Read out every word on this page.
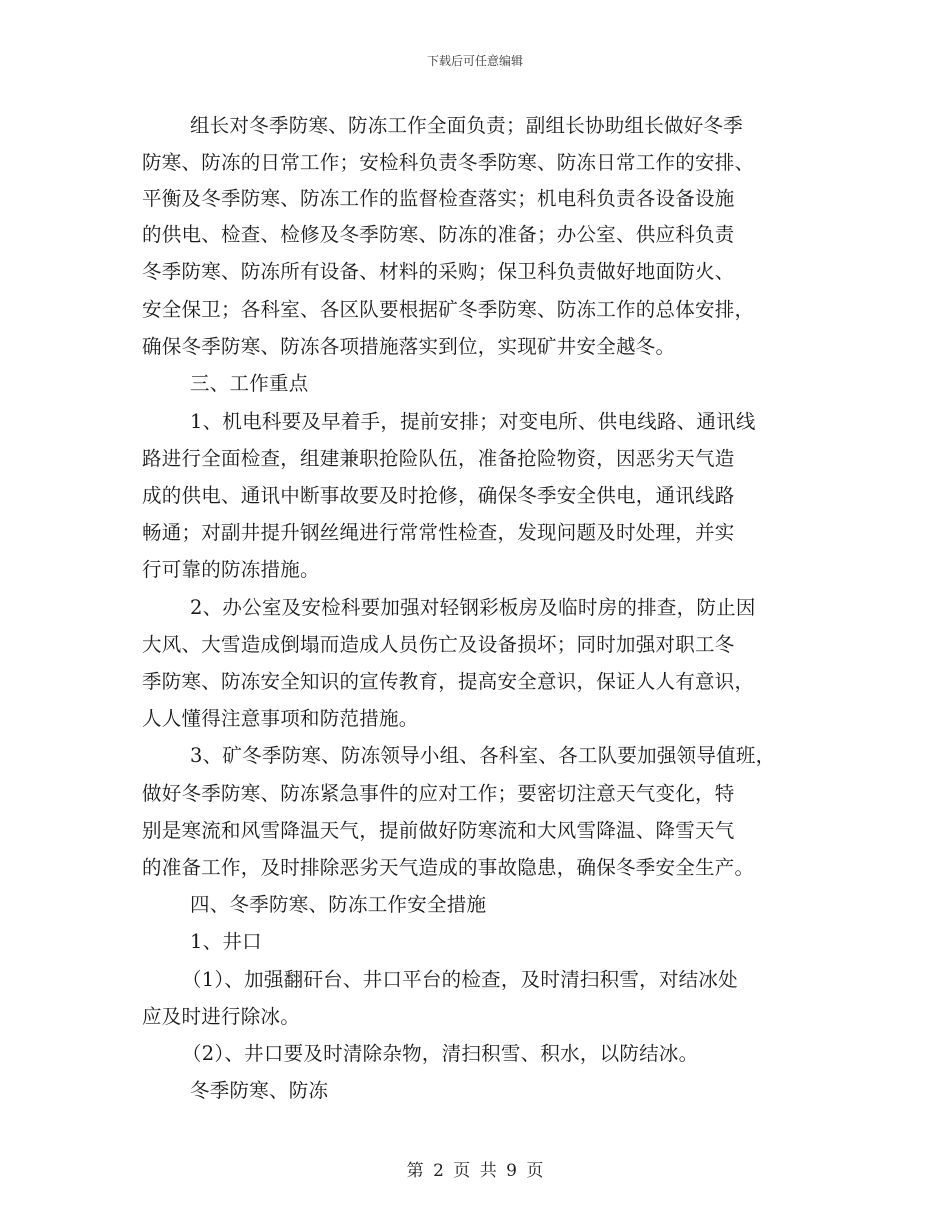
下载后可任意编辑
组长对冬季防寒、防冻工作全面负责；副组长协助组长做好冬季
防寒、防冻的日常工作；安检科负责冬季防寒、防冻日常工作的安排、
平衡及冬季防寒、防冻工作的监督检查落实；机电科负责各设备设施
的供电、检查、检修及冬季防寒、防冻的准备；办公室、供应科负责
冬季防寒、防冻所有设备、材料的采购；保卫科负责做好地面防火、
安全保卫；各科室、各区队要根据矿冬季防寒、防冻工作的总体安排，
确保冬季防寒、防冻各项措施落实到位，实现矿井安全越冬。
三、工作重点
1、机电科要及早着手，提前安排；对变电所、供电线路、通讯线
路进行全面检查，组建兼职抢险队伍，准备抢险物资，因恶劣天气造
成的供电、通讯中断事故要及时抢修，确保冬季安全供电，通讯线路
畅通；对副井提升钢丝绳进行常常性检查，发现问题及时处理，并实
行可靠的防冻措施。
2、办公室及安检科要加强对轻钢彩板房及临时房的排查，防止因
大风、大雪造成倒塌而造成人员伤亡及设备损坏；同时加强对职工冬
季防寒、防冻安全知识的宣传教育，提高安全意识，保证人人有意识，
人人懂得注意事项和防范措施。
3、矿冬季防寒、防冻领导小组、各科室、各工队要加强领导值班，
做好冬季防寒、防冻紧急事件的应对工作；要密切注意天气变化，特
别是寒流和风雪降温天气，提前做好防寒流和大风雪降温、降雪天气
的准备工作，及时排除恶劣天气造成的事故隐患，确保冬季安全生产。
四、冬季防寒、防冻工作安全措施
1、井口
（1）、加强翻矸台、井口平台的检查，及时清扫积雪，对结冰处
应及时进行除冰。
（2）、井口要及时清除杂物，清扫积雪、积水，以防结冰。
冬季防寒、防冻
第 2 页 共 9 页
